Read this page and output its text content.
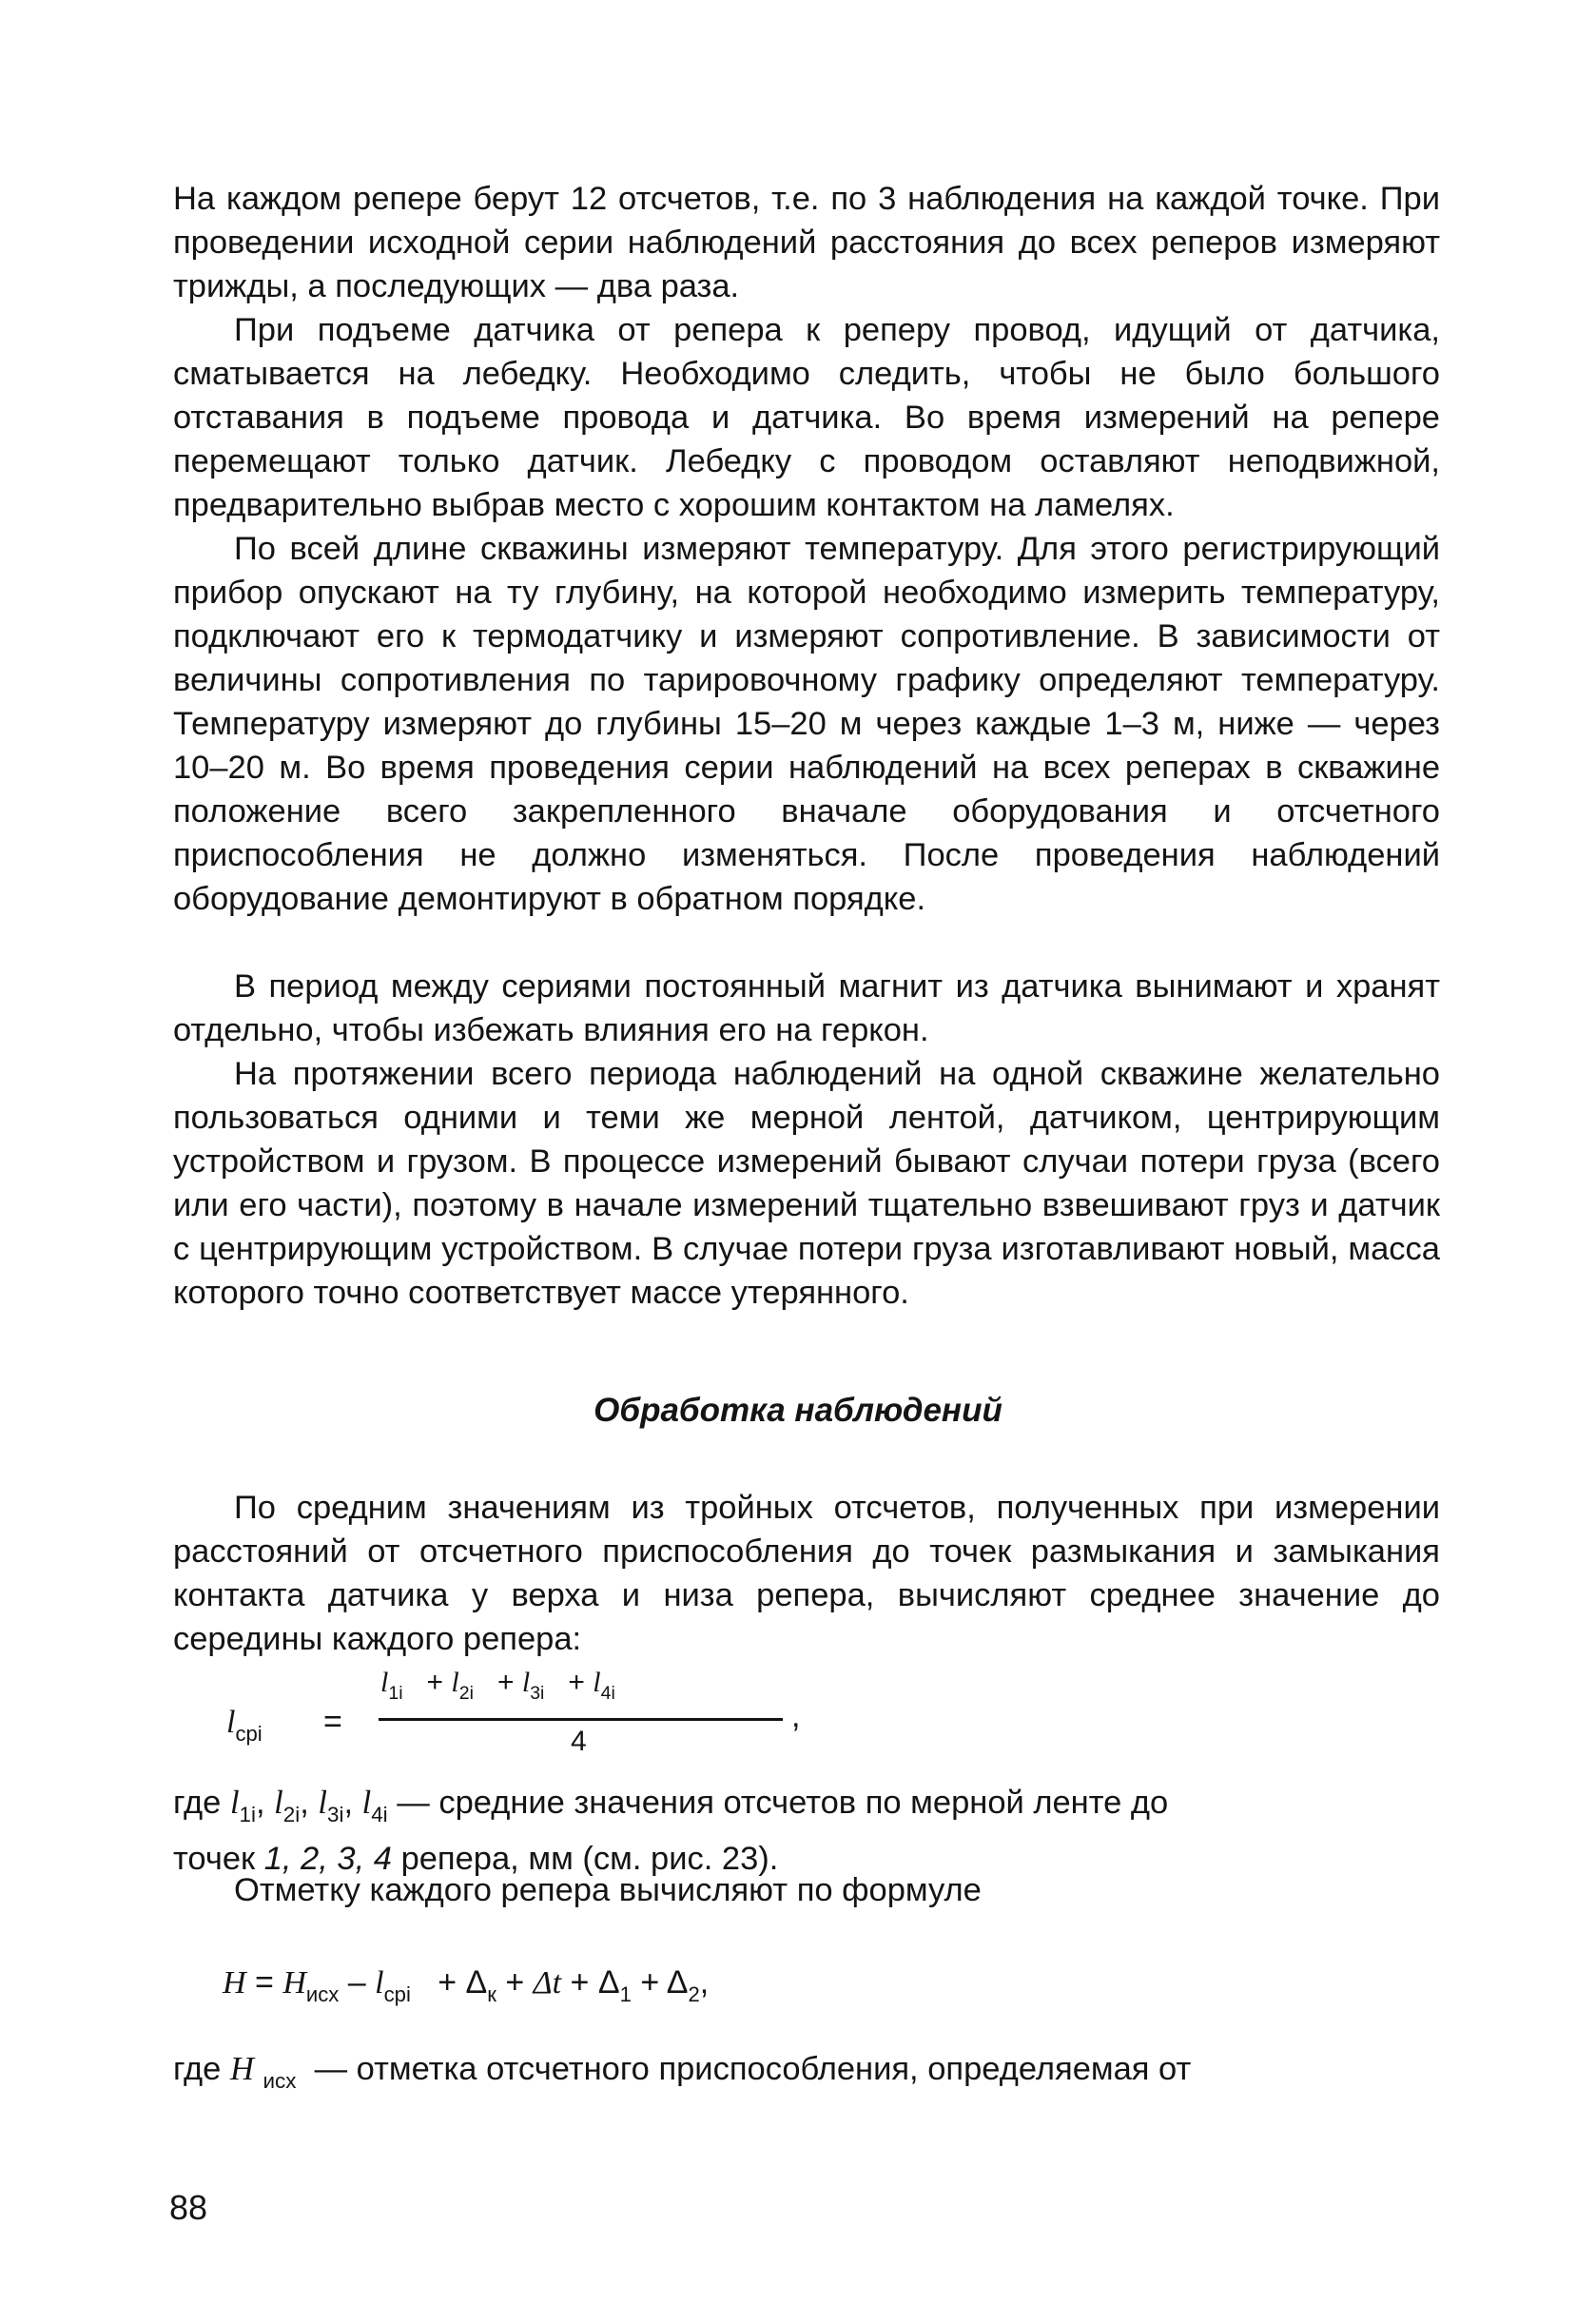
На каждом репере берут 12 отсчетов, т.е. по 3 наблюдения на каждой точке. При проведении исходной серии наблюдений расстояния до всех реперов измеряют трижды, а последующих — два раза.

При подъеме датчика от репера к реперу провод, идущий от датчика, сматывается на лебедку. Необходимо следить, чтобы не было большого отставания в подъеме провода и датчика. Во время измерений на репере перемещают только датчик. Лебедку с проводом оставляют неподвижной, предварительно выбрав место с хорошим контактом на ламелях.

По всей длине скважины измеряют температуру. Для этого регистрирующий прибор опускают на ту глубину, на которой необходимо измерить температуру, подключают его к термодатчику и измеряют сопротивление. В зависимости от величины сопротивления по тарировочному графику определяют температуру. Температуру измеряют до глубины 15–20 м через каждые 1–3 м, ниже — через 10–20 м. Во время проведения серии наблюдений на всех реперах в скважине положение всего закрепленного вначале оборудования и отсчетного приспособления не должно изменяться. После проведения наблюдений оборудование демонтируют в обратном порядке.

В период между сериями постоянный магнит из датчика вынимают и хранят отдельно, чтобы избежать влияния его на геркон.

На протяжении всего периода наблюдений на одной скважине желательно пользоваться одними и теми же мерной лентой, датчиком, центрирующим устройством и грузом. В процессе измерений бывают случаи потери груза (всего или его части), поэтому в начале измерений тщательно взвешивают груз и датчик с центрирующим устройством. В случае потери груза изготавливают новый, масса которого точно соответствует массе утерянного.

Обработка наблюдений

По средним значениям из тройных отсчетов, полученных при измерении расстояний от отсчетного приспособления до точек размыкания и замыкания контакта датчика у верха и низа репера, вычисляют среднее значение до середины каждого репера:

$l_{срi}$ =
$l_{1i} + l_{2i} + l_{3i} + l_{4i}$
4
,
где $l_{1i}$, $l_{2i}$, $l_{3i}$, $l_{4i}$ — средние значения отсчетов по мерной ленте до
точек 1, 2, 3, 4 репера, мм (см. рис. 23).

Отметку каждого репера вычисляют по формуле

$H = H_{исх} - l_{срi} + \Delta_к + \Delta t + \Delta_1 + \Delta_2$,
где H $_{исх}$ — отметка отсчетного приспособления, определяемая от
88
